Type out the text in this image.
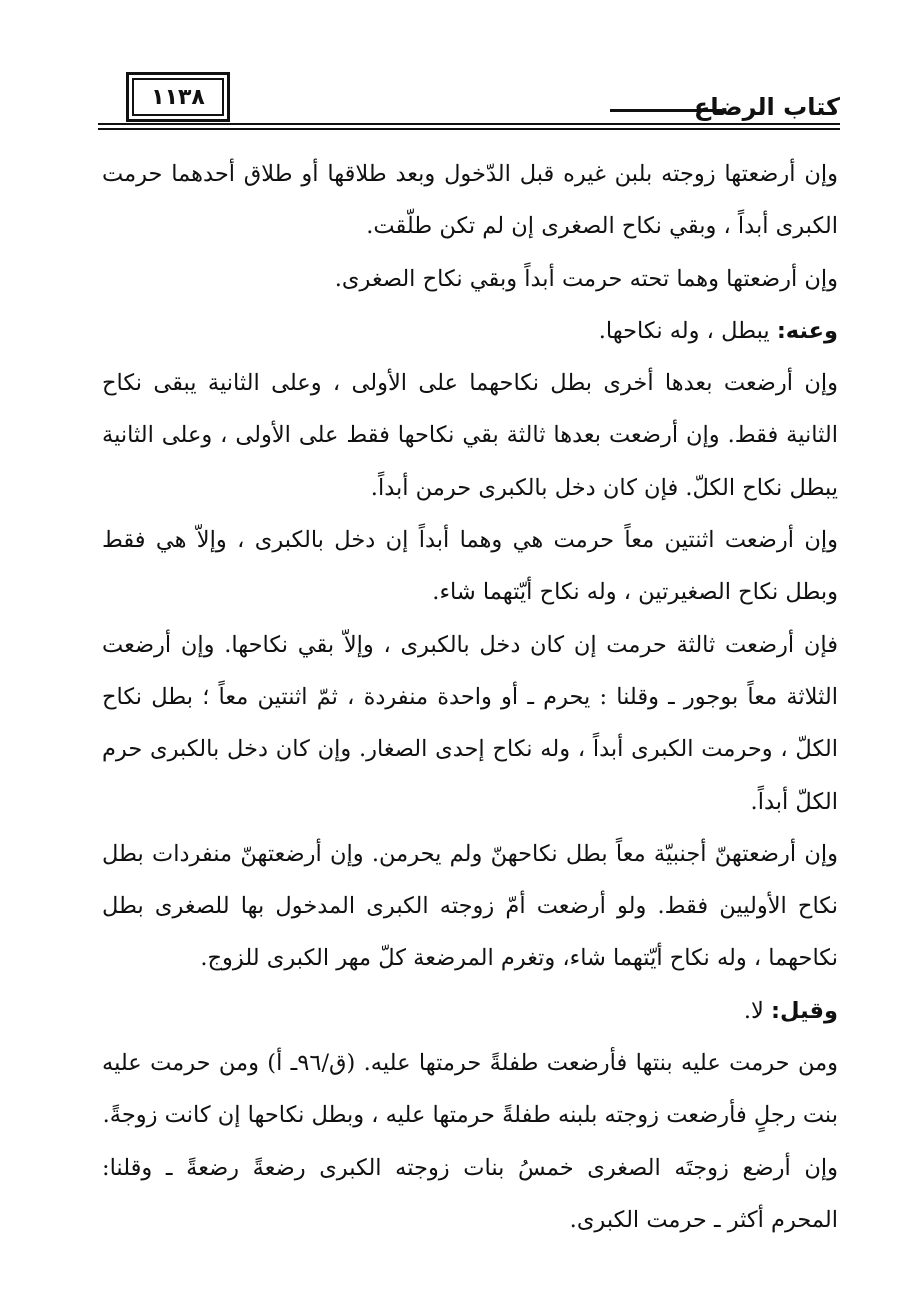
١١٣٨	كتاب الرضاع

وإن أرضعتها زوجته بلبن غيره قبل الدّخول وبعد طلاقها أو طلاق أحدهما حرمت الكبرى أبداً ، وبقي نكاح الصغرى إن لم تكن طلّقت.

وإن أرضعتها وهما تحته حرمت أبداً وبقي نكاح الصغرى.

وعنه: يبطل ، وله نكاحها.

وإن أرضعت بعدها أخرى بطل نكاحهما على الأولى ، وعلى الثانية يبقى نكاح الثانية فقط. وإن أرضعت بعدها ثالثة بقي نكاحها فقط على الأولى ، وعلى الثانية يبطل نكاح الكلّ. فإن كان دخل بالكبرى حرمن أبداً.

وإن أرضعت اثنتين معاً حرمت هي وهما أبداً إن دخل بالكبرى ، وإلاّ هي فقط وبطل نكاح الصغيرتين ، وله نكاح أيّتهما شاء.

فإن أرضعت ثالثة حرمت إن كان دخل بالكبرى ، وإلاّ بقي نكاحها. وإن أرضعت الثلاثة معاً بوجور ـ وقلنا : يحرم ـ أو واحدة منفردة ، ثمّ اثنتين معاً ؛ بطل نكاح الكلّ ، وحرمت الكبرى أبداً ، وله نكاح إحدى الصغار. وإن كان دخل بالكبرى حرم الكلّ أبداً.

وإن أرضعتهنّ أجنبيّة معاً بطل نكاحهنّ ولم يحرمن. وإن أرضعتهنّ منفردات بطل نكاح الأوليين فقط. ولو أرضعت أمّ زوجته الكبرى المدخول بها للصغرى بطل نكاحهما ، وله نكاح أيّتهما شاء، وتغرم المرضعة كلّ مهر الكبرى للزوج.

وقيل: لا.

ومن حرمت عليه بنتها فأرضعت طفلةً حرمتها عليه. (ق/٩٦ـ أ) ومن حرمت عليه بنت رجلٍ فأرضعت زوجته بلبنه طفلةً حرمتها عليه ، وبطل نكاحها إن كانت زوجةً.

وإن أرضع زوجتَه الصغرى خمسُ بنات زوجته الكبرى رضعةً رضعةً ـ وقلنا: المحرم أكثر ـ حرمت الكبرى.
